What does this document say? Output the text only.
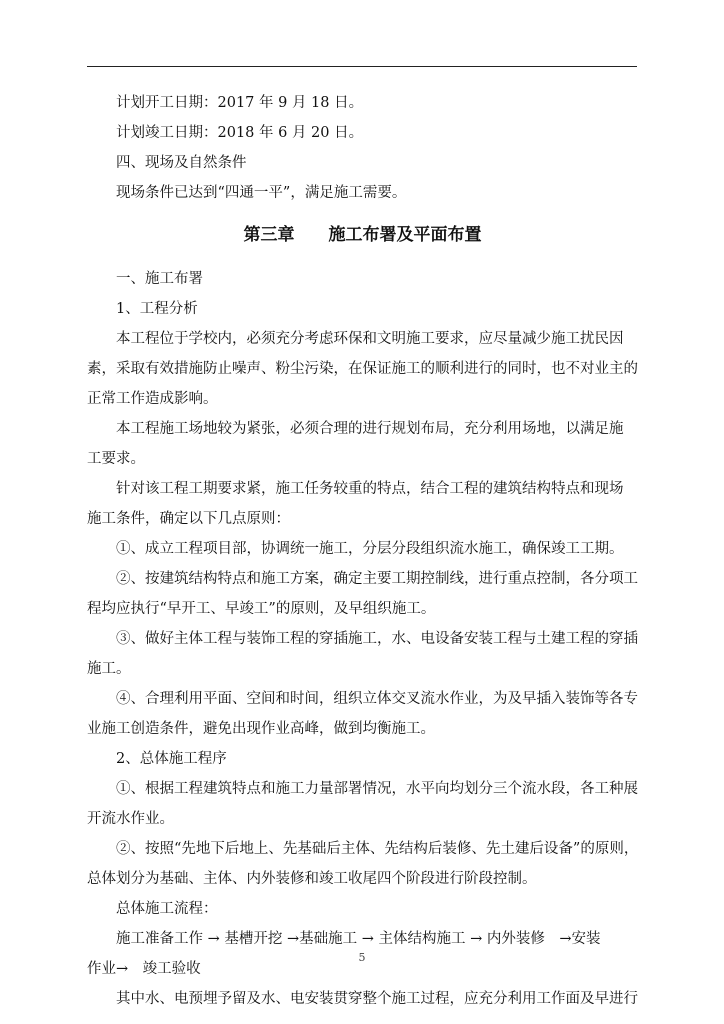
计划开工日期：2017 年 9 月 18 日。
计划竣工日期：2018 年 6 月 20 日。
四、现场及自然条件
现场条件已达到“四通一平”，满足施工需要。
第三章　　施工布署及平面布置
一、施工布署
1、工程分析
本工程位于学校内，必须充分考虑环保和文明施工要求，应尽量减少施工扰民因
素，采取有效措施防止噪声、粉尘污染，在保证施工的顺利进行的同时，也不对业主的
正常工作造成影响。
本工程施工场地较为紧张，必须合理的进行规划布局，充分利用场地，以满足施
工要求。
针对该工程工期要求紧，施工任务较重的特点，结合工程的建筑结构特点和现场
施工条件，确定以下几点原则：
①、成立工程项目部，协调统一施工，分层分段组织流水施工，确保竣工工期。
②、按建筑结构特点和施工方案，确定主要工期控制线，进行重点控制，各分项工
程均应执行“早开工、早竣工”的原则，及早组织施工。
③、做好主体工程与装饰工程的穿插施工，水、电设备安装工程与土建工程的穿插
施工。
④、合理利用平面、空间和时间，组织立体交叉流水作业，为及早插入装饰等各专
业施工创造条件，避免出现作业高峰，做到均衡施工。
2、总体施工程序
①、根据工程建筑特点和施工力量部署情况，水平向均划分三个流水段，各工种展
开流水作业。
②、按照“先地下后地上、先基础后主体、先结构后装修、先土建后设备”的原则，
总体划分为基础、主体、内外装修和竣工收尾四个阶段进行阶段控制。
总体施工流程：
施工准备工作 → 基槽开挖 →基础施工 → 主体结构施工 → 内外装修　→安装
作业→　竣工验收
其中水、电预埋予留及水、电安装贯穿整个施工过程，应充分利用工作面及早进行
5
